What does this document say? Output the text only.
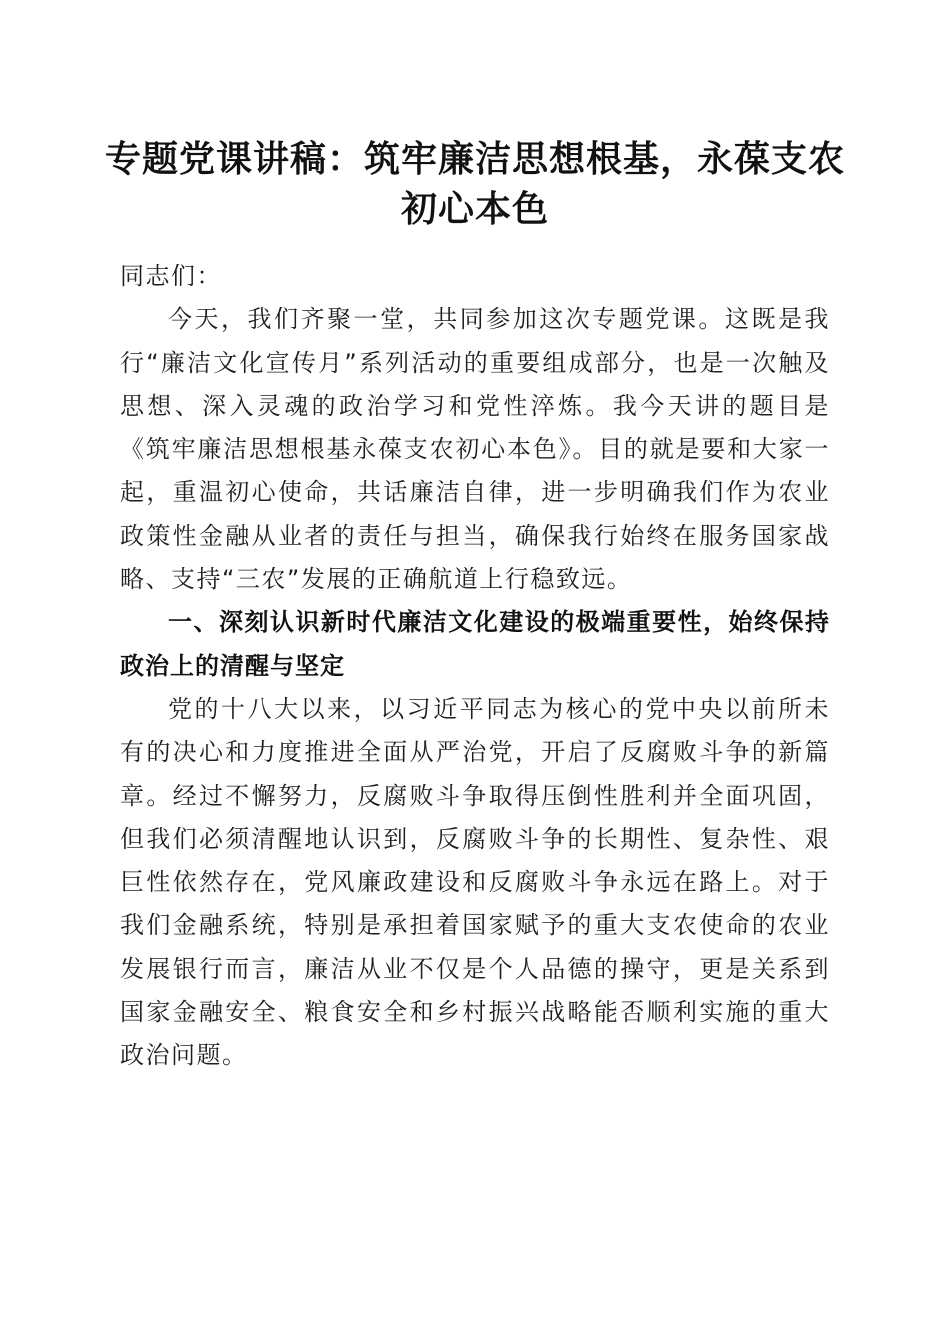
专题党课讲稿：筑牢廉洁思想根基，永葆支农初心本色

同志们：

今天，我们齐聚一堂，共同参加这次专题党课。这既是我行“廉洁文化宣传月”系列活动的重要组成部分，也是一次触及思想、深入灵魂的政治学习和党性淬炼。我今天讲的题目是《筑牢廉洁思想根基永葆支农初心本色》。目的就是要和大家一起，重温初心使命，共话廉洁自律，进一步明确我们作为农业政策性金融从业者的责任与担当，确保我行始终在服务国家战略、支持“三农”发展的正确航道上行稳致远。

一、深刻认识新时代廉洁文化建设的极端重要性，始终保持政治上的清醒与坚定

党的十八大以来，以习近平同志为核心的党中央以前所未有的决心和力度推进全面从严治党，开启了反腐败斗争的新篇章。经过不懈努力，反腐败斗争取得压倒性胜利并全面巩固，但我们必须清醒地认识到，反腐败斗争的长期性、复杂性、艰巨性依然存在，党风廉政建设和反腐败斗争永远在路上。对于我们金融系统，特别是承担着国家赋予的重大支农使命的农业发展银行而言，廉洁从业不仅是个人品德的操守，更是关系到国家金融安全、粮食安全和乡村振兴战略能否顺利实施的重大政治问题。
